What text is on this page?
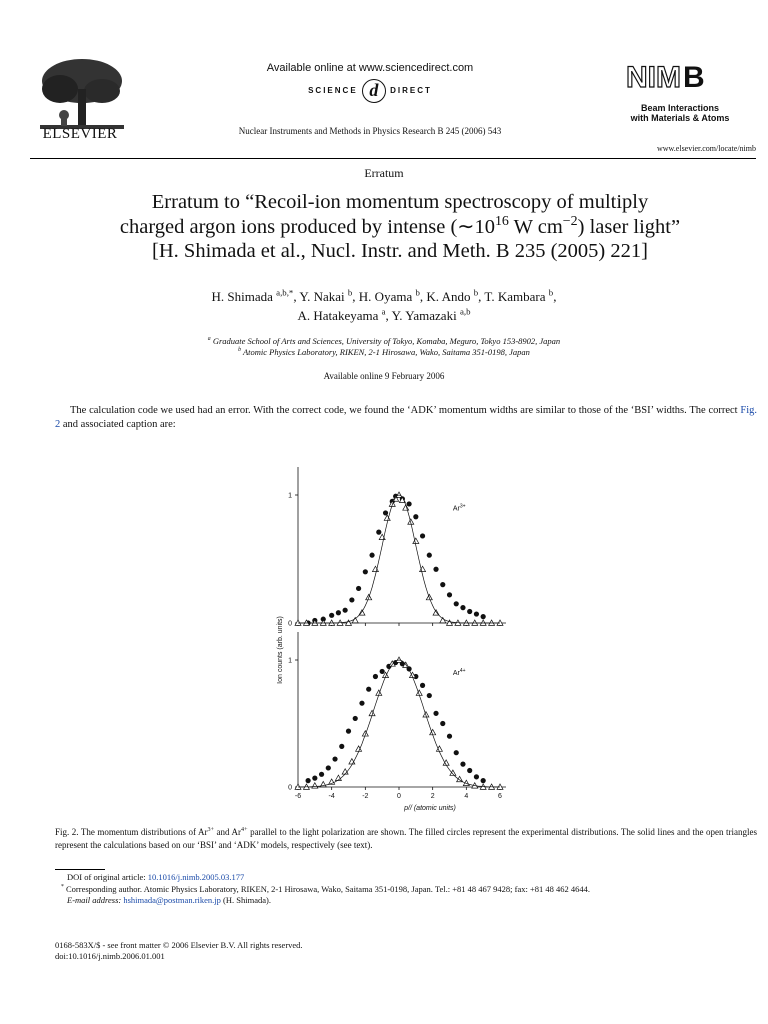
ELSEVIER
Available online at www.sciencedirect.com
SCIENCE d DIRECT
Nuclear Instruments and Methods in Physics Research B 245 (2006) 543
NIMB
Beam Interactions
with Materials & Atoms
www.elsevier.com/locate/nimb
Erratum
Erratum to “Recoil-ion momentum spectroscopy of multiply
charged argon ions produced by intense ($\sim 10^{16}$ W $cm^{-2}$) laser light”
[H. Shimada et al., Nucl. Instr. and Meth. B 235 (2005) 221]
H. Shimada $^{a,b,*}$, Y. Nakai $^b$, H. Oyama $^b$, K. Ando $^b$, T. Kambara $^b$,
A. Hatakeyama $^a$, Y. Yamazaki $^{a,b}$
$^a$ Graduate School of Arts and Sciences, University of Tokyo, Komaba, Meguro, Tokyo 153-8902, Japan
$^b$ Atomic Physics Laboratory, RIKEN, 2-1 Hirosawa, Wako, Saitama 351-0198, Japan
Available online 9 February 2006
The calculation code we used had an error. With the correct code, we found the ‘ADK’ momentum widths are similar to those of the ‘BSI’ widths. The correct Fig. 2 and associated caption are:
0
1
$Ar^{3+}$
0
1
-6	-4	-2	0	2	4	6
$Ar^{4+}$
Ion counts (arb. units)
p// (atomic units)
Fig. 2. The momentum distributions of $Ar^{3+}$ and $Ar^{4+}$ parallel to the light polarization are shown. The filled circles represent the experimental distributions. The solid lines and the open triangles represent the calculations based on our ‘BSI’ and ‘ADK’ models, respectively (see text).
DOI of original article: 10.1016/j.nimb.2005.03.177
* Corresponding author. Atomic Physics Laboratory, RIKEN, 2-1 Hirosawa, Wako, Saitama 351-0198, Japan. Tel.: +81 48 467 9428; fax: +81 48 462 4644.
E-mail address: hshimada@postman.riken.jp (H. Shimada).
0168-583X/$ - see front matter © 2006 Elsevier B.V. All rights reserved.
doi:10.1016/j.nimb.2006.01.001
